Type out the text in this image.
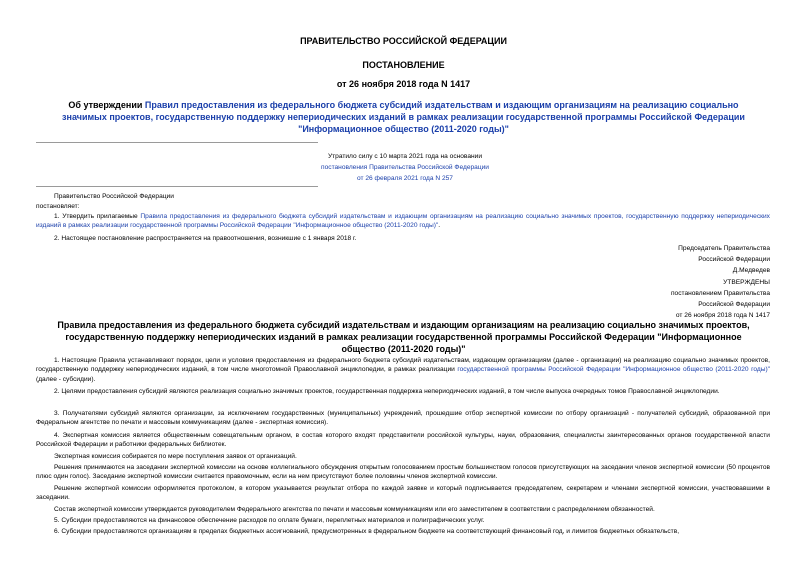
ПРАВИТЕЛЬСТВО РОССИЙСКОЙ ФЕДЕРАЦИИ
ПОСТАНОВЛЕНИЕ
от 26 ноября 2018 года N 1417
Об утверждении Правил предоставления из федерального бюджета субсидий издательствам и издающим организациям на реализацию социально значимых проектов, государственную поддержку непериодических изданий в рамках реализации государственной программы Российской Федерации "Информационное общество (2011-2020 годы)"
Утратило силу с 10 марта 2021 года на основании
постановления Правительства Российской Федерации
от 26 февраля 2021 года N 257
Правительство Российской Федерации
постановляет:
1. Утвердить прилагаемые Правила предоставления из федерального бюджета субсидий издательствам и издающим организациям на реализацию социально значимых проектов, государственную поддержку непериодических изданий в рамках реализации государственной программы Российской Федерации "Информационное общество (2011-2020 годы)".
2. Настоящее постановление распространяется на правоотношения, возникшие с 1 января 2018 г.
Председатель Правительства
Российской Федерации
Д.Медведев
УТВЕРЖДЕНЫ
постановлением Правительства
Российской Федерации
от 26 ноября 2018 года N 1417
Правила предоставления из федерального бюджета субсидий издательствам и издающим организациям на реализацию социально значимых проектов, государственную поддержку непериодических изданий в рамках реализации государственной программы Российской Федерации "Информационное общество (2011-2020 годы)"
1. Настоящие Правила устанавливают порядок, цели и условия предоставления из федерального бюджета субсидий издательствам, издающим организациям (далее - организации) на реализацию социально значимых проектов, государственную поддержку непериодических изданий, в том числе многотомной Православной энциклопедии, в рамках реализации государственной программы Российской Федерации "Информационное общество (2011-2020 годы)" (далее - субсидии).
2. Целями предоставления субсидий являются реализация социально значимых проектов, государственная поддержка непериодических изданий, в том числе выпуска очередных томов Православной энциклопедии.
3. Получателями субсидий являются организации, за исключением государственных (муниципальных) учреждений, прошедшие отбор экспертной комиссии по отбору организаций - получателей субсидий, образованной при Федеральном агентстве по печати и массовым коммуникациям (далее - экспертная комиссия).
4. Экспертная комиссия является общественным совещательным органом, в состав которого входят представители российской культуры, науки, образования, специалисты заинтересованных органов государственной власти Российской Федерации и работники федеральных библиотек.
Экспертная комиссия собирается по мере поступления заявок от организаций.
Решения принимаются на заседании экспертной комиссии на основе коллегиального обсуждения открытым голосованием простым большинством голосов присутствующих на заседании членов экспертной комиссии (50 процентов плюс один голос). Заседание экспертной комиссии считается правомочным, если на нем присутствуют более половины членов экспертной комиссии.
Решение экспертной комиссии оформляется протоколом, в котором указывается результат отбора по каждой заявке и который подписывается председателем, секретарем и членами экспертной комиссии, участвовавшими в заседании.
Состав экспертной комиссии утверждается руководителем Федерального агентства по печати и массовым коммуникациям или его заместителем в соответствии с распределением обязанностей.
5. Субсидии предоставляются на финансовое обеспечение расходов по оплате бумаги, переплетных материалов и полиграфических услуг.
6. Субсидии предоставляются организациям в пределах бюджетных ассигнований, предусмотренных в федеральном бюджете на соответствующий финансовый год, и лимитов бюджетных обязательств,
